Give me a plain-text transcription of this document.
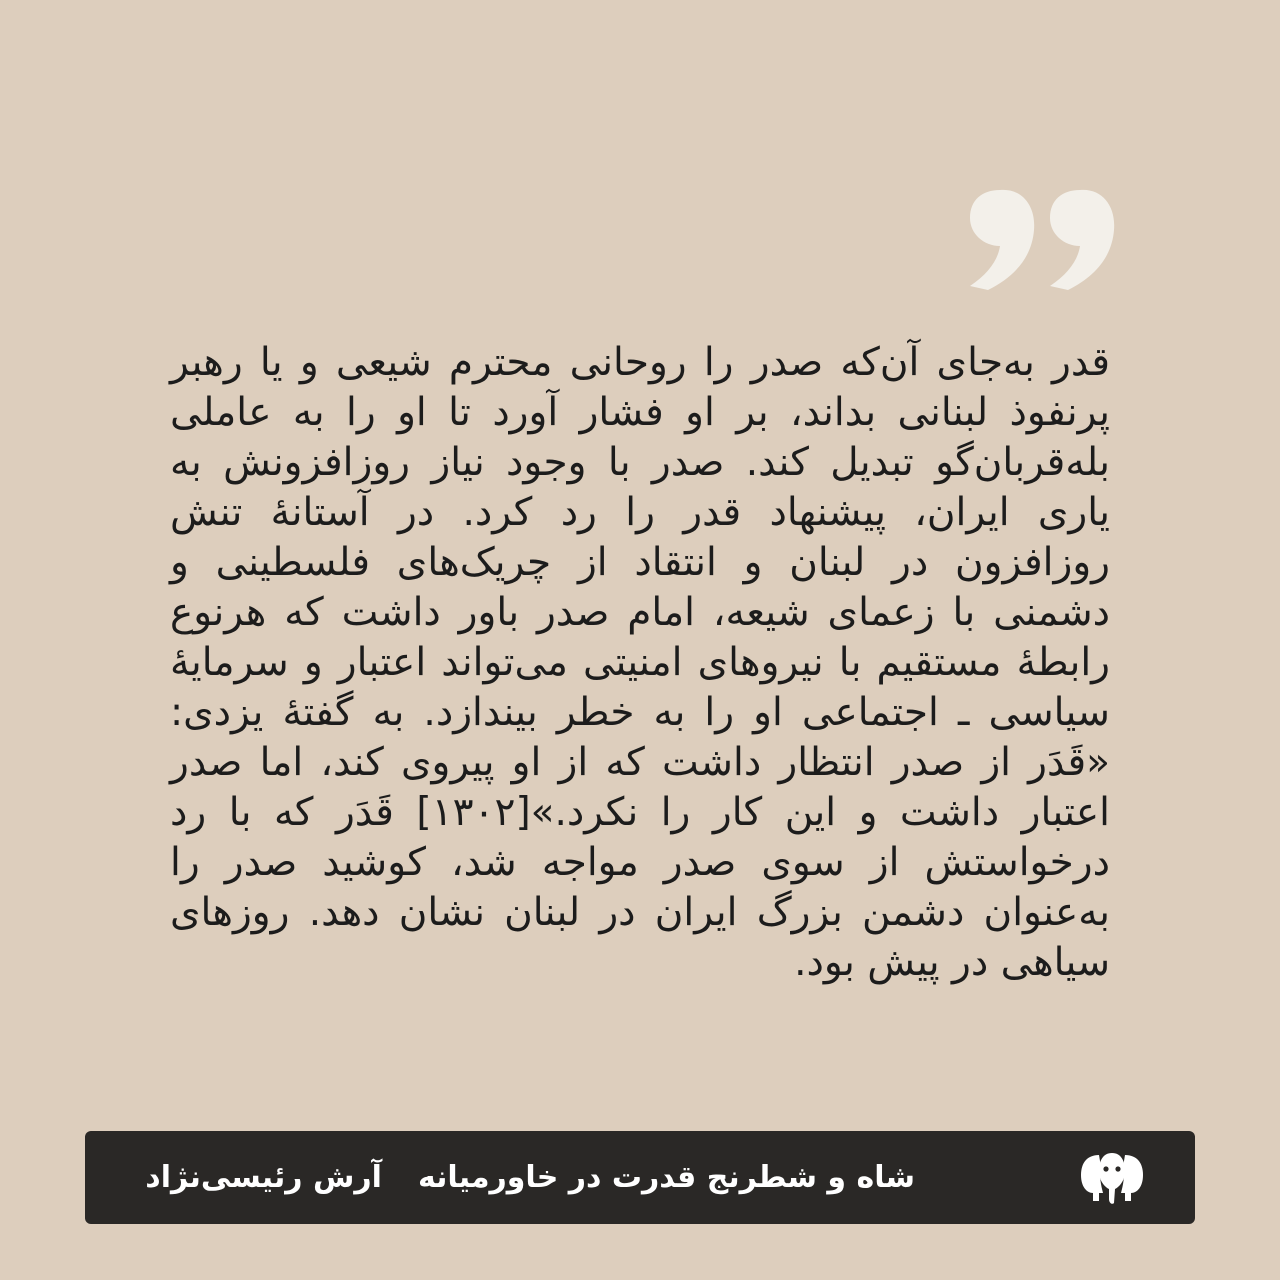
قدر به‌جای آن‌که صدر را روحانی محترم شیعی و یا رهبر پرنفوذ لبنانی بداند، بر او فشار آورد تا او را به عاملی بله‌قربان‌گو تبدیل کند. صدر با وجود نیاز روزافزونش به یاری ایران، پیشنهاد قدر را رد کرد. در آستانهٔ تنش روزافزون در لبنان و انتقاد از چریک‌های فلسطینی و دشمنی با زعمای شیعه، امام صدر باور داشت که هرنوع رابطهٔ مستقیم با نیروهای امنیتی می‌تواند اعتبار و سرمایهٔ سیاسی ـ اجتماعی او را به خطر بیندازد. به گفتهٔ یزدی: «قَدَر از صدر انتظار داشت که از او پیروی کند، اما صدر اعتبار داشت و این کار را نکرد.»[۱۳۰۲] قَدَر که با رد درخواستش از سوی صدر مواجه شد، کوشید صدر را به‌عنوان دشمن بزرگ ایران در لبنان نشان دهد. روزهای سیاهی در پیش بود.

شاه و شطرنج قدرت در خاورمیانه
آرش رئیسی‌نژاد
